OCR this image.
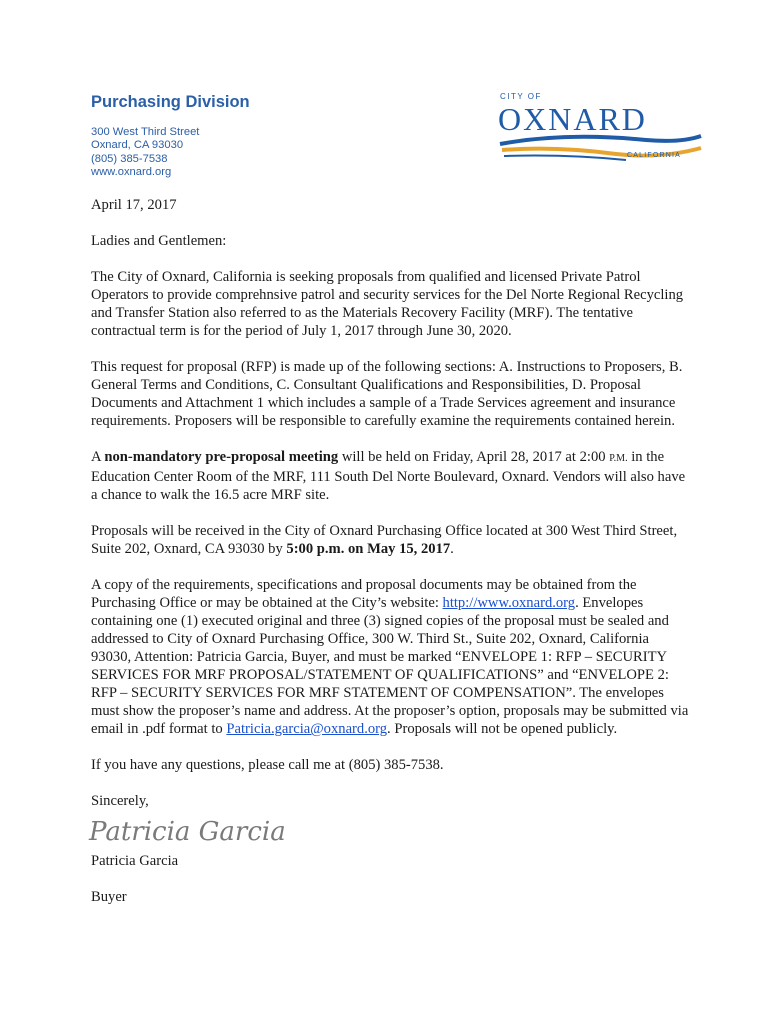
Purchasing Division
300 West Third Street
Oxnard, CA 93030
(805) 385-7538
www.oxnard.org
CITY OF
OXNARD
CALIFORNIA

April 17, 2017

Ladies and Gentlemen:

The City of Oxnard, California is seeking proposals from qualified and licensed Private Patrol Operators to provide comprehnsive patrol and security services for the Del Norte Regional Recycling and Transfer Station also referred to as the Materials Recovery Facility (MRF). The tentative contractual term is for the period of July 1, 2017 through June 30, 2020.

This request for proposal (RFP) is made up of the following sections: A. Instructions to Proposers, B. General Terms and Conditions, C. Consultant Qualifications and Responsibilities, D. Proposal Documents and Attachment 1 which includes a sample of a Trade Services agreement and insurance requirements. Proposers will be responsible to carefully examine the requirements contained herein.

A non-mandatory pre-proposal meeting will be held on Friday, April 28, 2017 at 2:00 P.M. in the Education Center Room of the MRF, 111 South Del Norte Boulevard, Oxnard. Vendors will also have a chance to walk the 16.5 acre MRF site.

Proposals will be received in the City of Oxnard Purchasing Office located at 300 West Third Street, Suite 202, Oxnard, CA 93030 by 5:00 p.m. on May 15, 2017.

A copy of the requirements, specifications and proposal documents may be obtained from the Purchasing Office or may be obtained at the City’s website: http://www.oxnard.org. Envelopes containing one (1) executed original and three (3) signed copies of the proposal must be sealed and addressed to City of Oxnard Purchasing Office, 300 W. Third St., Suite 202, Oxnard, California 93030, Attention: Patricia Garcia, Buyer, and must be marked “ENVELOPE 1: RFP – SECURITY SERVICES FOR MRF PROPOSAL/STATEMENT OF QUALIFICATIONS” and “ENVELOPE 2: RFP – SECURITY SERVICES FOR MRF STATEMENT OF COMPENSATION”. The envelopes must show the proposer’s name and address. At the proposer’s option, proposals may be submitted via email in .pdf format to Patricia.garcia@oxnard.org. Proposals will not be opened publicly.

If you have any questions, please call me at (805) 385-7538.

Sincerely,

Patricia Garcia

Patricia Garcia

Buyer
